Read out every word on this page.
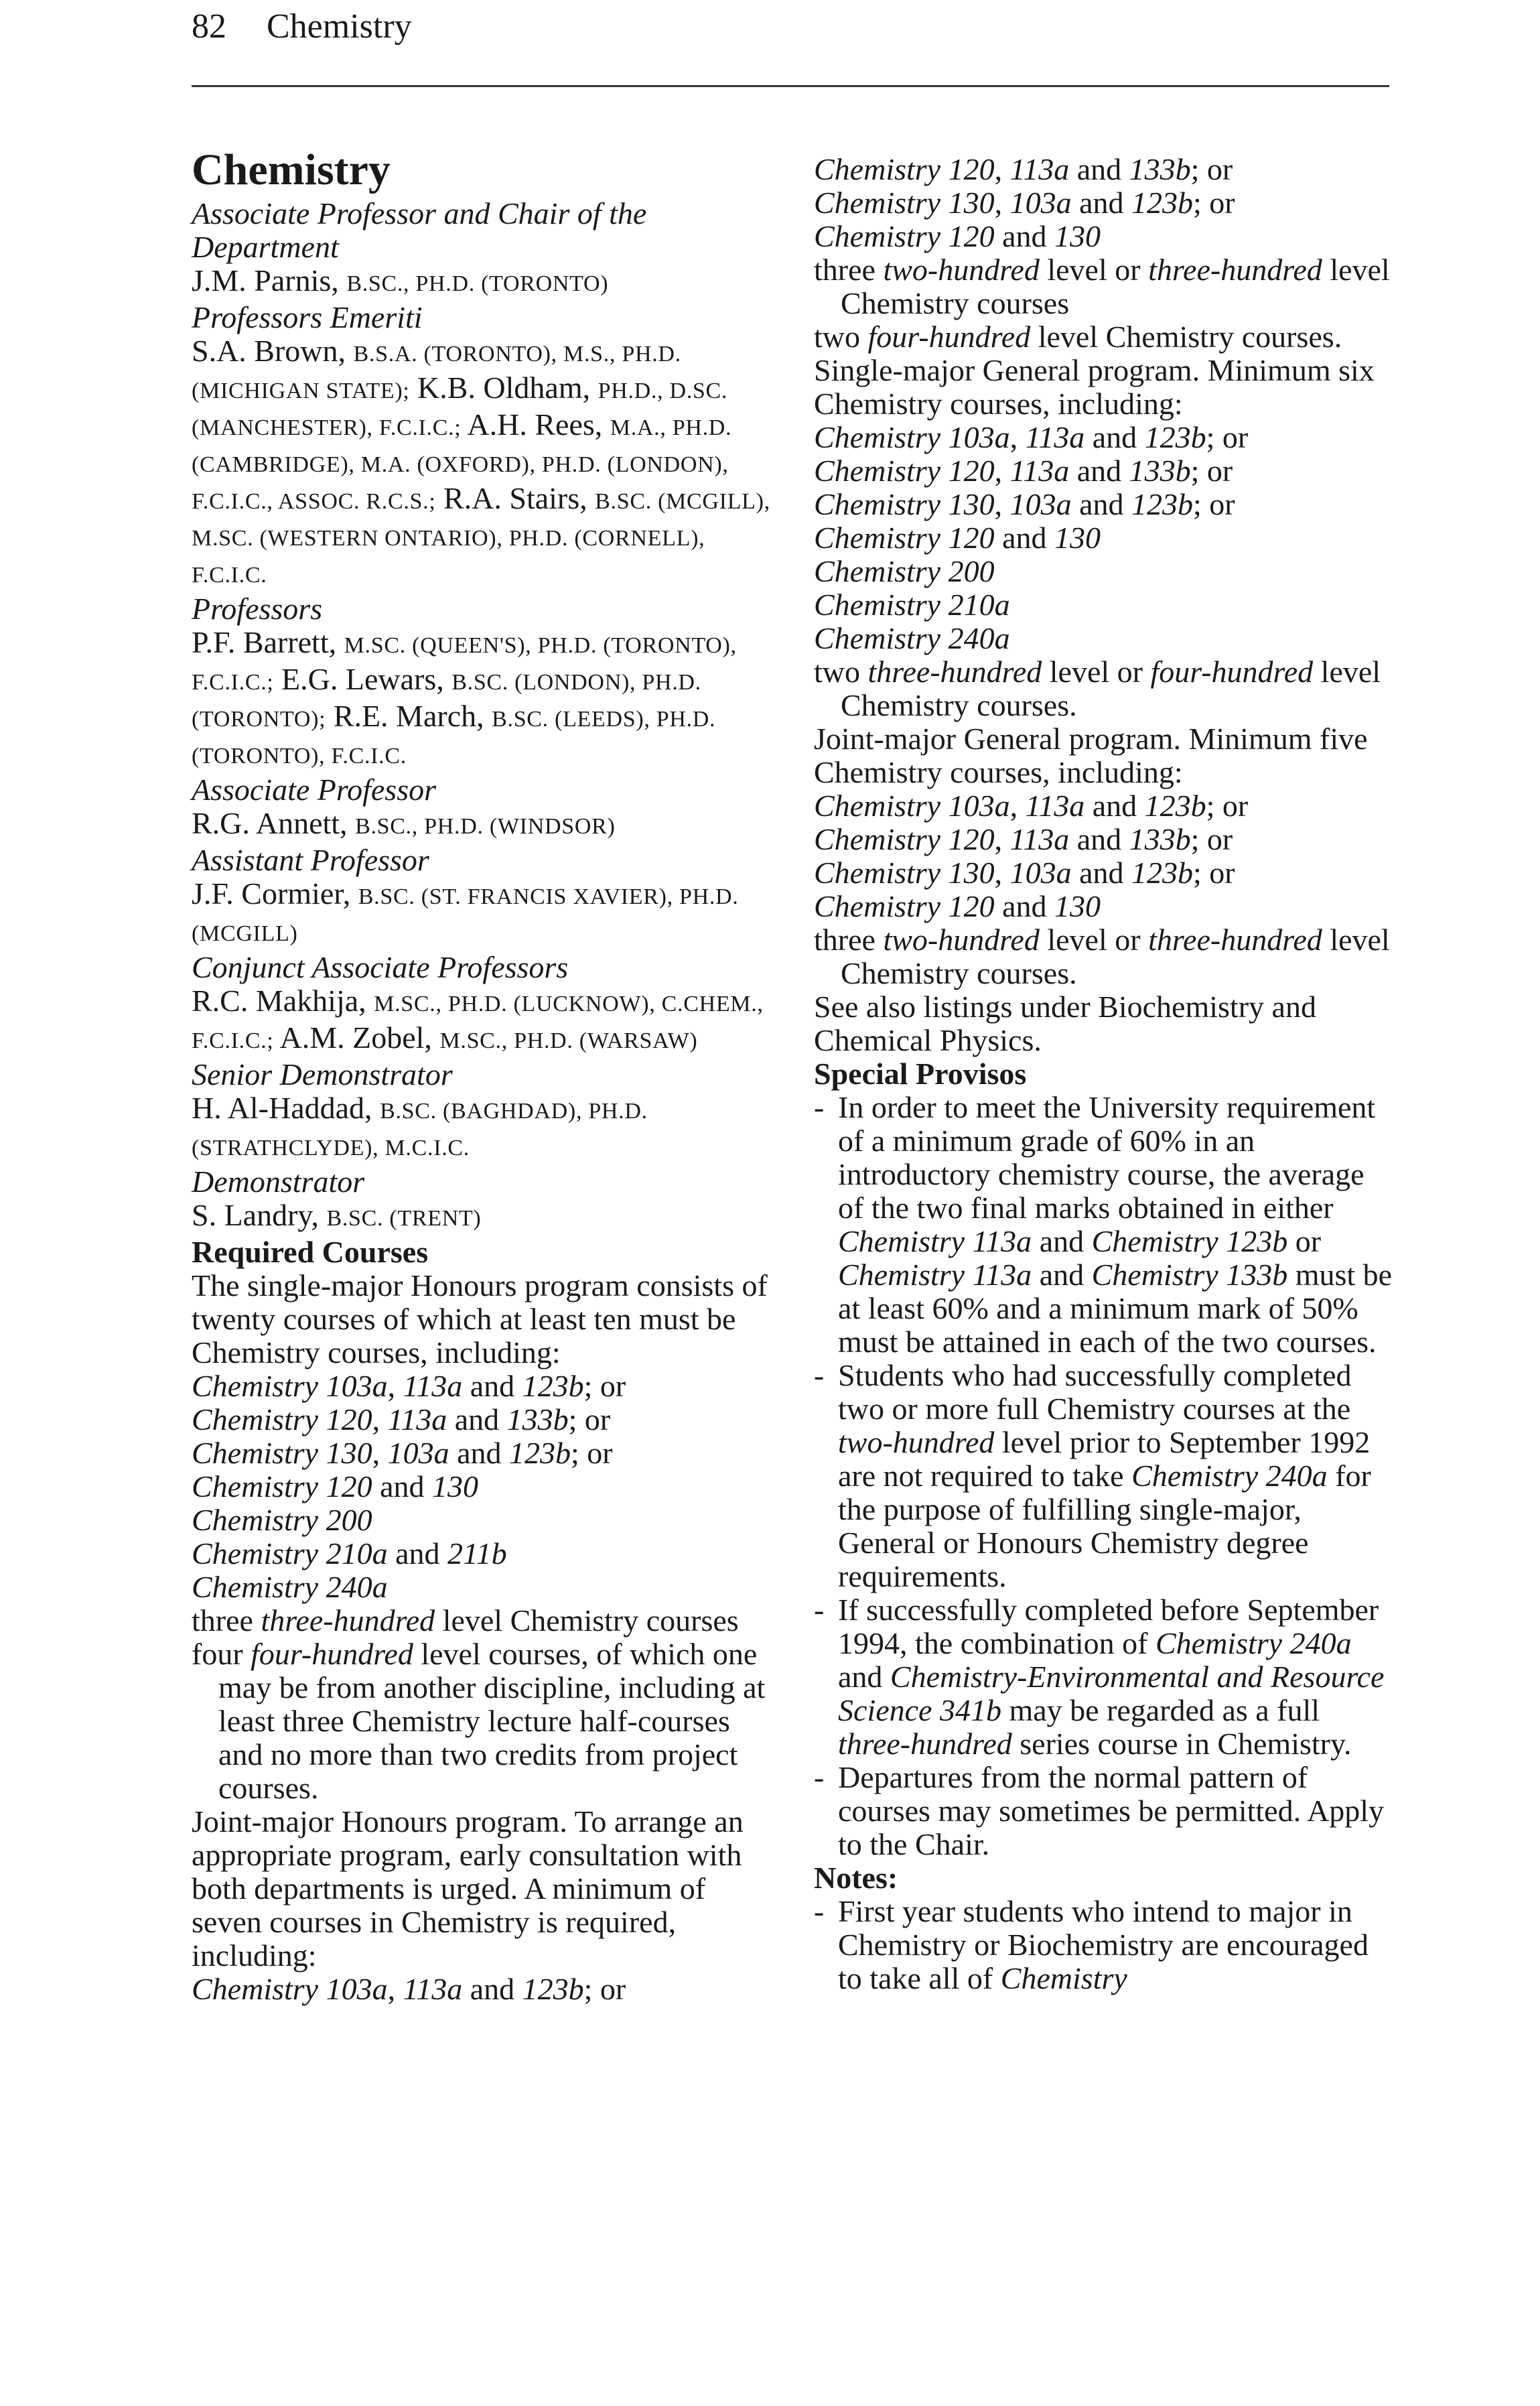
82 Chemistry

Chemistry

Associate Professor and Chair of the Department

J.M. Parnis, B.SC., PH.D. (TORONTO)

Professors Emeriti

S.A. Brown, B.S.A. (TORONTO), M.S., PH.D. (MICHIGAN STATE); K.B. Oldham, PH.D., D.SC. (MANCHESTER), F.C.I.C.; A.H. Rees, M.A., PH.D. (CAMBRIDGE), M.A. (OXFORD), PH.D. (LONDON), F.C.I.C., ASSOC. R.C.S.; R.A. Stairs, B.SC. (MCGILL), M.SC. (WESTERN ONTARIO), PH.D. (CORNELL), F.C.I.C.

Professors

P.F. Barrett, M.SC. (QUEEN'S), PH.D. (TORONTO), F.C.I.C.; E.G. Lewars, B.SC. (LONDON), PH.D. (TORONTO); R.E. March, B.SC. (LEEDS), PH.D. (TORONTO), F.C.I.C.

Associate Professor

R.G. Annett, B.SC., PH.D. (WINDSOR)

Assistant Professor

J.F. Cormier, B.SC. (ST. FRANCIS XAVIER), PH.D. (MCGILL)

Conjunct Associate Professors

R.C. Makhija, M.SC., PH.D. (LUCKNOW), C.CHEM., F.C.I.C.; A.M. Zobel, M.SC., PH.D. (WARSAW)

Senior Demonstrator

H. Al-Haddad, B.SC. (BAGHDAD), PH.D. (STRATHCLYDE), M.C.I.C.

Demonstrator

S. Landry, B.SC. (TRENT)

Required Courses

The single-major Honours program consists of twenty courses of which at least ten must be Chemistry courses, including:

Chemistry 103a, 113a and 123b; or

Chemistry 120, 113a and 133b; or

Chemistry 130, 103a and 123b; or

Chemistry 120 and 130

Chemistry 200

Chemistry 210a and 211b

Chemistry 240a

three three-hundred level Chemistry courses

four four-hundred level courses, of which one may be from another discipline, including at least three Chemistry lecture half-courses and no more than two credits from project courses.

Joint-major Honours program. To arrange an appropriate program, early consultation with both departments is urged. A minimum of seven courses in Chemistry is required, including:

Chemistry 103a, 113a and 123b; or

Chemistry 120, 113a and 133b; or

Chemistry 130, 103a and 123b; or

Chemistry 120 and 130

three two-hundred level or three-hundred level Chemistry courses

two four-hundred level Chemistry courses.

Single-major General program. Minimum six Chemistry courses, including:

Chemistry 103a, 113a and 123b; or

Chemistry 120, 113a and 133b; or

Chemistry 130, 103a and 123b; or

Chemistry 120 and 130

Chemistry 200

Chemistry 210a

Chemistry 240a

two three-hundred level or four-hundred level Chemistry courses.

Joint-major General program. Minimum five Chemistry courses, including:

Chemistry 103a, 113a and 123b; or

Chemistry 120, 113a and 133b; or

Chemistry 130, 103a and 123b; or

Chemistry 120 and 130

three two-hundred level or three-hundred level Chemistry courses.

See also listings under Biochemistry and Chemical Physics.

Special Provisos

- In order to meet the University requirement of a minimum grade of 60% in an introductory chemistry course, the average of the two final marks obtained in either Chemistry 113a and Chemistry 123b or Chemistry 113a and Chemistry 133b must be at least 60% and a minimum mark of 50% must be attained in each of the two courses.
- Students who had successfully completed two or more full Chemistry courses at the two-hundred level prior to September 1992 are not required to take Chemistry 240a for the purpose of fulfilling single-major, General or Honours Chemistry degree requirements.
- If successfully completed before September 1994, the combination of Chemistry 240a and Chemistry-Environmental and Resource Science 341b may be regarded as a full three-hundred series course in Chemistry.
- Departures from the normal pattern of courses may sometimes be permitted. Apply to the Chair.

Notes:

- First year students who intend to major in Chemistry or Biochemistry are encouraged to take all of Chemistry
